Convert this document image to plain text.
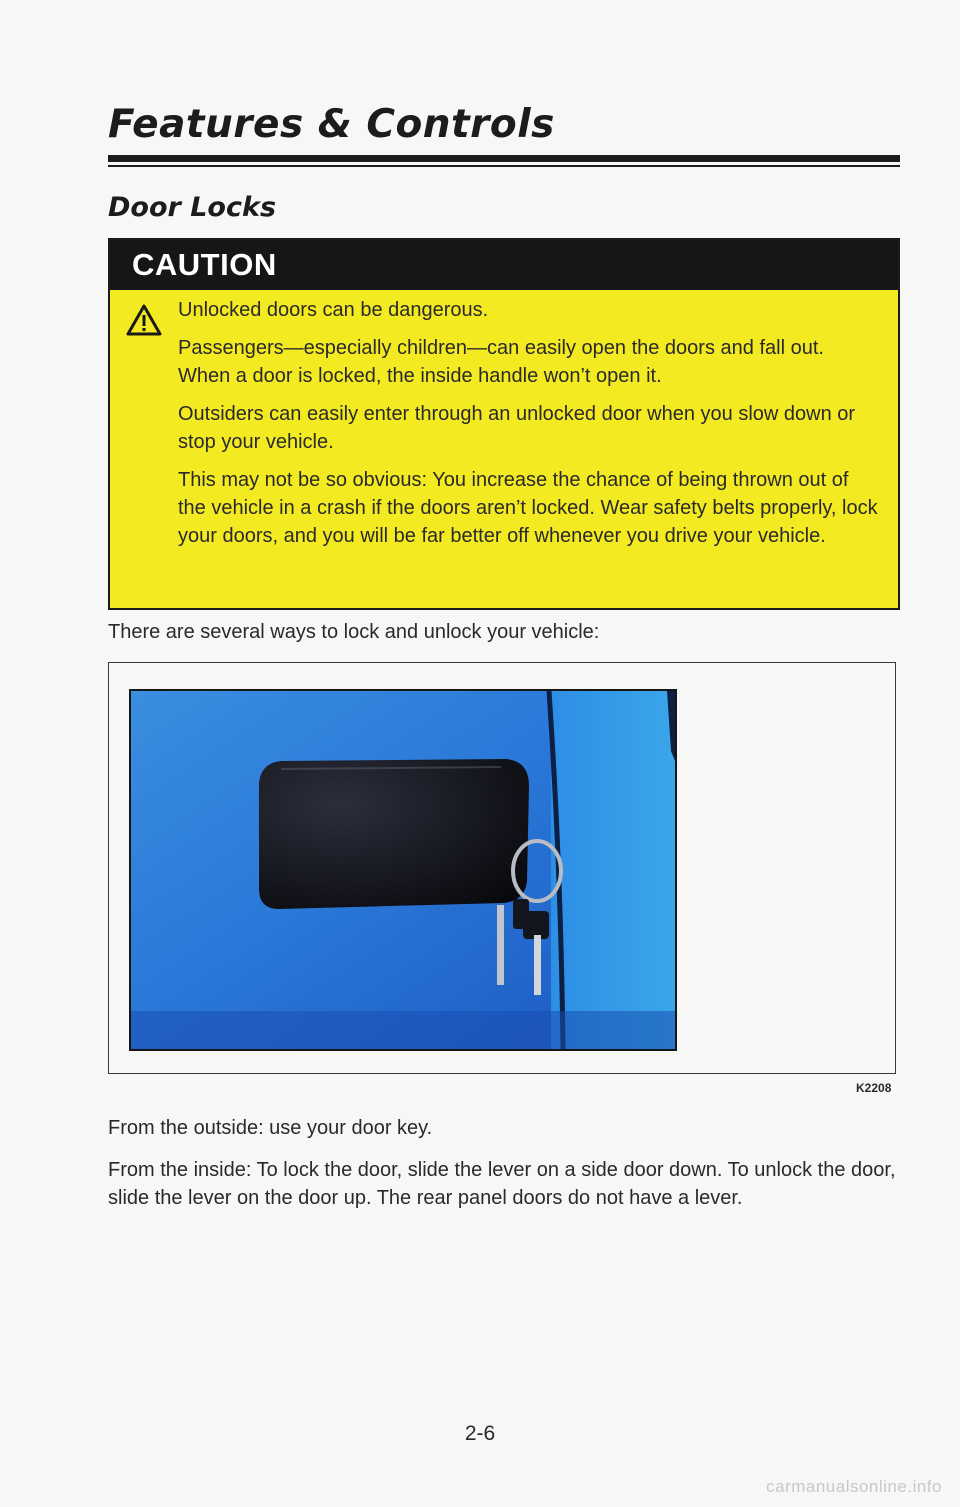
Features & Controls
Door Locks
CAUTION

Unlocked doors can be dangerous.

Passengers—especially children—can easily open the doors and fall out. When a door is locked, the inside handle won’t open it.

Outsiders can easily enter through an unlocked door when you slow down or stop your vehicle.

This may not be so obvious: You increase the chance of being thrown out of the vehicle in a crash if the doors aren’t locked. Wear safety belts properly, lock your doors, and you will be far better off whenever you drive your vehicle.

There are several ways to lock and unlock your vehicle:

K2208

From the outside: use your door key.

From the inside: To lock the door, slide the lever on a side door down. To unlock the door, slide the lever on the door up. The rear panel doors do not have a lever.

2-6

carmanualsonline.info
